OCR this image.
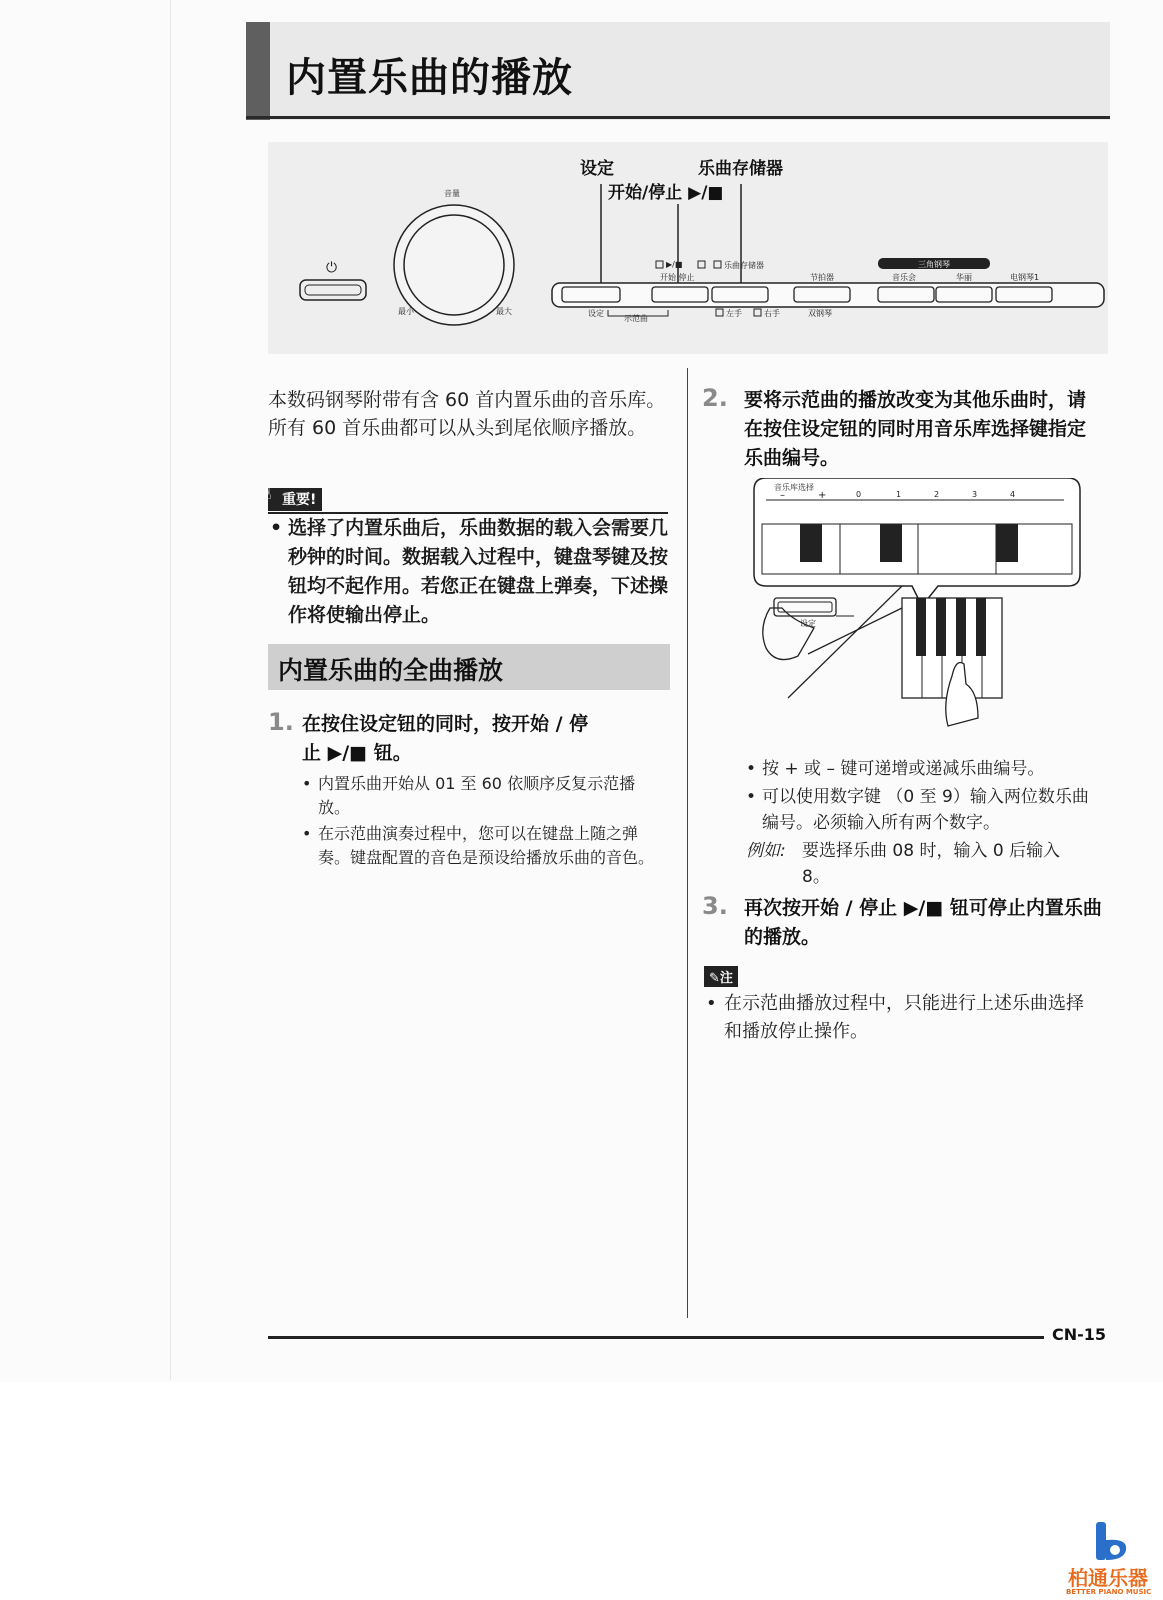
内置乐曲的播放
设定
开始/停止 ▶/■
乐曲存储器
⏻
音量
最小	最大
▶/■	乐曲存储器
开始 停止	节拍器
三角钢琴
音乐会	华丽	电钢琴1
设定
示范曲
左手	右手	双钢琴
本数码钢琴附带有含 60 首内置乐曲的音乐库。所有 60 首乐曲都可以从头到尾依顺序播放。
☝ 重要!
• 选择了内置乐曲后，乐曲数据的载入会需要几秒钟的时间。数据载入过程中，键盘琴键及按钮均不起作用。若您正在键盘上弹奏，下述操作将使输出停止。
内置乐曲的全曲播放
1. 在按住设定钮的同时，按开始 / 停
止 ▶/■ 钮。
• 内置乐曲开始从 01 至 60 依顺序反复示范播放。
• 在示范曲演奏过程中，您可以在键盘上随之弹奏。键盘配置的音色是预设给播放乐曲的音色。
2. 要将示范曲的播放改变为其他乐曲时，请在按住设定钮的同时用音乐库选择键指定乐曲编号。
音乐库选择
–	+	0	1	2	3	4
设定
• 按 + 或 – 键可递增或递减乐曲编号。
• 可以使用数字键 （0 至 9）输入两位数乐曲编号。必须输入所有两个数字。
例如: 要选择乐曲 08 时，输入 0 后输入 8。
3. 再次按开始 / 停止 ▶/■ 钮可停止内置乐曲的播放。
✎注
• 在示范曲播放过程中，只能进行上述乐曲选择和播放停止操作。
CN-15
柏通乐器
BETTER PIANO MUSIC
